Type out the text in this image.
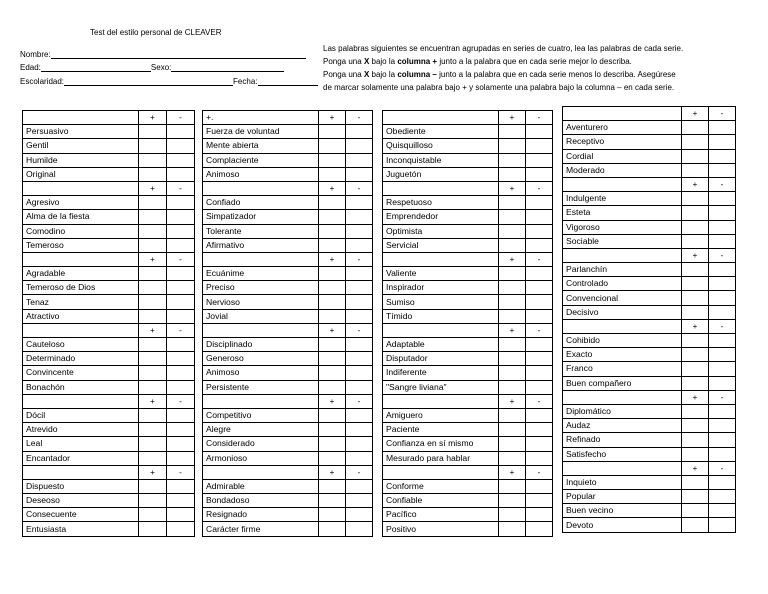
Test del estilo personal de CLEAVER
Nombre:
Edad:	Sexo:
Escolaridad:	Fecha:
Las palabras siguientes se encuentran agrupadas en series de cuatro, lea las palabras de cada serie.
Ponga una X bajo la columna + junto a la palabra que en cada serie mejor lo describa.
Ponga una X bajo la columna – junto a la palabra que en cada serie menos lo describa. Asegúrese
de marcar solamente una palabra bajo + y solamente una palabra bajo la columna – en cada serie.
	+	-
Persuasivo		
Gentil		
Humilde		
Original		
	+	-
Agresivo		
Alma de la fiesta		
Comodino		
Temeroso		
	+	-
Agradable		
Temeroso de Dios		
Tenaz		
Atractivo		
	+	-
Cauteloso		
Determinado		
Convincente		
Bonachón		
	+	-
Dócil		
Atrevido		
Leal		
Encantador		
	+	-
Dispuesto		
Deseoso		
Consecuente		
Entusiasta		
+.	+	-
Fuerza de voluntad		
Mente abierta		
Complaciente		
Animoso		
	+	-
Confiado		
Simpatizador		
Tolerante		
Afirmativo		
	+	-
Ecuánime		
Preciso		
Nervioso		
Jovial		
	+	-
Disciplinado		
Generoso		
Animoso		
Persistente		
	+	-
Competitivo		
Alegre		
Considerado		
Armonioso		
	+	-
Admirable		
Bondadoso		
Resignado		
Carácter firme		
	+	-
Obediente		
Quisquilloso		
Inconquistable		
Juguetón		
	+	-
Respetuoso		
Emprendedor		
Optimista		
Servicial		
	+	-
Valiente		
Inspirador		
Sumiso		
Tímido		
	+	-
Adaptable		
Disputador		
Indiferente		
"Sangre liviana"		
	+	-
Amiguero		
Paciente		
Confianza en sí mismo		
Mesurado para hablar		
	+	-
Conforme		
Confiable		
Pacífico		
Positivo		
	+	-
Aventurero		
Receptivo		
Cordial		
Moderado		
	+	-
Indulgente		
Esteta		
Vigoroso		
Sociable		
	+	-
Parlanchín		
Controlado		
Convencional		
Decisivo		
	+	-
Cohibido		
Exacto		
Franco		
Buen compañero		
	+	-
Diplomático		
Audaz		
Refinado		
Satisfecho		
	+	-
Inquieto		
Popular		
Buen vecino		
Devoto		
